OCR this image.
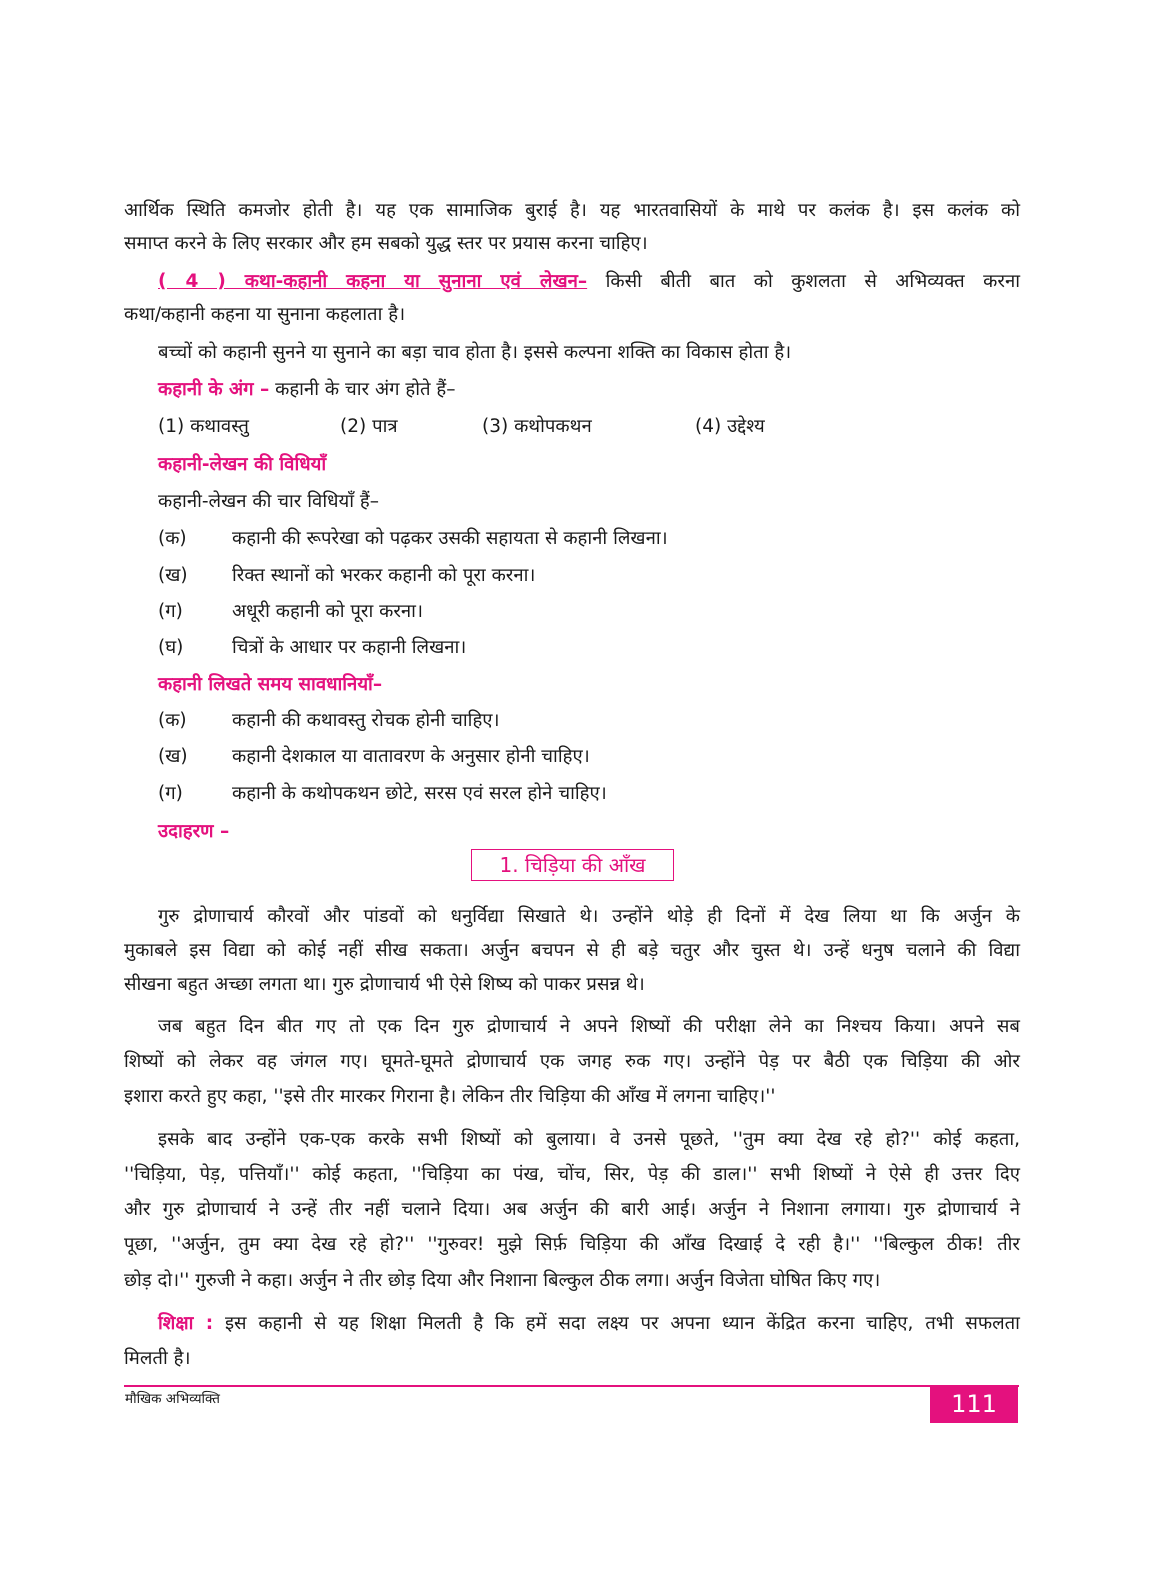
आर्थिक स्थिति कमजोर होती है। यह एक सामाजिक बुराई है। यह भारतवासियों के माथे पर कलंक है। इस कलंक को
समाप्त करने के लिए सरकार और हम सबको युद्ध स्तर पर प्रयास करना चाहिए।
( 4 ) कथा-कहानी कहना या सुनाना एवं लेखन– किसी बीती बात को कुशलता से अभिव्यक्त करना
कथा/कहानी कहना या सुनाना कहलाता है।
बच्चों को कहानी सुनने या सुनाने का बड़ा चाव होता है। इससे कल्पना शक्ति का विकास होता है।
कहानी के अंग – कहानी के चार अंग होते हैं–
(1) कथावस्तु	(2) पात्र	(3) कथोपकथन	(4) उद्देश्य
कहानी-लेखन की विधियाँ
कहानी-लेखन की चार विधियाँ हैं–
(क) कहानी की रूपरेखा को पढ़कर उसकी सहायता से कहानी लिखना।
(ख) रिक्त स्थानों को भरकर कहानी को पूरा करना।
(ग)	अधूरी कहानी को पूरा करना।
(घ)	चित्रों के आधार पर कहानी लिखना।
कहानी लिखते समय सावधानियाँ–
(क) कहानी की कथावस्तु रोचक होनी चाहिए।
(ख) कहानी देशकाल या वातावरण के अनुसार होनी चाहिए।
(ग)	कहानी के कथोपकथन छोटे, सरस एवं सरल होने चाहिए।
उदाहरण –
1. चिड़िया की आँख
गुरु द्रोणाचार्य कौरवों और पांडवों को धनुर्विद्या सिखाते थे। उन्होंने थोड़े ही दिनों में देख लिया था कि अर्जुन के
मुकाबले इस विद्या को कोई नहीं सीख सकता। अर्जुन बचपन से ही बड़े चतुर और चुस्त थे। उन्हें धनुष चलाने की विद्या
सीखना बहुत अच्छा लगता था। गुरु द्रोणाचार्य भी ऐसे शिष्य को पाकर प्रसन्न थे।
जब बहुत दिन बीत गए तो एक दिन गुरु द्रोणाचार्य ने अपने शिष्यों की परीक्षा लेने का निश्चय किया। अपने सब
शिष्यों को लेकर वह जंगल गए। घूमते-घूमते द्रोणाचार्य एक जगह रुक गए। उन्होंने पेड़ पर बैठी एक चिड़िया की ओर
इशारा करते हुए कहा, ''इसे तीर मारकर गिराना है। लेकिन तीर चिड़िया की आँख में लगना चाहिए।''
इसके बाद उन्होंने एक-एक करके सभी शिष्यों को बुलाया। वे उनसे पूछते, ''तुम क्या देख रहे हो?'' कोई कहता,
''चिड़िया, पेड़, पत्तियाँ।'' कोई कहता, ''चिड़िया का पंख, चोंच, सिर, पेड़ की डाल।'' सभी शिष्यों ने ऐसे ही उत्तर दिए
और गुरु द्रोणाचार्य ने उन्हें तीर नहीं चलाने दिया। अब अर्जुन की बारी आई। अर्जुन ने निशाना लगाया। गुरु द्रोणाचार्य ने
पूछा, ''अर्जुन, तुम क्या देख रहे हो?'' ''गुरुवर! मुझे सिर्फ़ चिड़िया की आँख दिखाई दे रही है।'' ''बिल्कुल ठीक! तीर
छोड़ दो।'' गुरुजी ने कहा। अर्जुन ने तीर छोड़ दिया और निशाना बिल्कुल ठीक लगा। अर्जुन विजेता घोषित किए गए।
शिक्षा : इस कहानी से यह शिक्षा मिलती है कि हमें सदा लक्ष्य पर अपना ध्यान केंद्रित करना चाहिए, तभी सफलता
मिलती है।
मौखिक अभिव्यक्ति	111
